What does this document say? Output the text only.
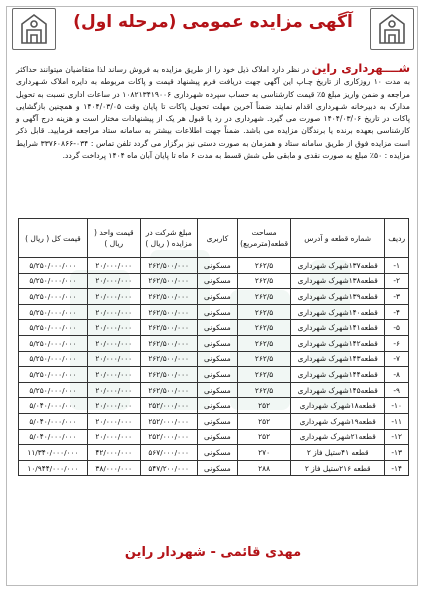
آگهی مزایده عمومی (مرحله اول)
شــــهرداری راین در نظر دارد املاک ذیل خود را از طریق مزایده به فروش رساند لذا متقاضیان میتوانند حداکثر به مدت ۱۰ روزکاری از تاریخ چـاپ این آگهی جهت دریافت فرم پیشنهاد قیمت و پاکات مربوطه به دایره املاک شـهرداری مراجعه و ضمن واریز مبلغ ۵٪ قیمت کارشناسی به حساب سپرده شهرداری ۱۰۸۲۱۳۴۱۹۰۰۶ در ساعات اداری نسبت به تحویل مدارک به دبیرخانه شـهرداری اقدام نمایند ضمناً آخرین مهلت تحویل پاکات تا پایان وقت ۱۴۰۴/۰۳/۰۵ و همچنین بازگشایی پاکات در تاریخ ۱۴۰۴/۰۳/۰۶ صورت می گیرد. شهرداری در رد یا قبول هر یک از پیشنهادات مختار است و هزینه درج آگهی و کارشناسی بعهده برنده یا برندگان مزایده می باشد. ضمناً جهت اطلاعات بیشتر به سامانه ستاد مراجعه فرمایید. قابل ذکر است مزایده فوق از طریق سامانه ستاد و همزمان به صورت دستی نیز برگزار می گردد تلفن تماس : ۰۳۴-۳۳۷۶۰۸۶۶ شرایط مزایده : ۵۰٪ مبلغ به صورت نقدی و مابقی طی شش قسط به مدت ۶ ماه تا پایان آبان ماه ۱۴۰۴ پرداخت گردد.
ردیف	شماره قطعه و آدرس	مساحت قطعه(مترمربع)	کاربری	مبلغ شرکت در مزایده ( ریال )	قیمت واحد ( ریال )	قیمت کل ( ریال )
۱-	قطعه۱۳۷شهرک شهرداری	۲۶۲/۵	مسکونی	۲۶۲/۵۰۰/۰۰۰	۲۰/۰۰۰/۰۰۰	۵/۲۵۰/۰۰۰/۰۰۰
۲-	قطعه۱۳۸شهرک شهرداری	۲۶۲/۵	مسکونی	۲۶۲/۵۰۰/۰۰۰	۲۰/۰۰۰/۰۰۰	۵/۲۵۰/۰۰۰/۰۰۰
۳-	قطعه۱۳۹شهرک شهرداری	۲۶۲/۵	مسکونی	۲۶۲/۵۰۰/۰۰۰	۲۰/۰۰۰/۰۰۰	۵/۲۵۰/۰۰۰/۰۰۰
۴-	قطعه۱۴۰شهرک شهرداری	۲۶۲/۵	مسکونی	۲۶۲/۵۰۰/۰۰۰	۲۰/۰۰۰/۰۰۰	۵/۲۵۰/۰۰۰/۰۰۰
۵-	قطعه۱۴۱شهرک شهرداری	۲۶۲/۵	مسکونی	۲۶۲/۵۰۰/۰۰۰	۲۰/۰۰۰/۰۰۰	۵/۲۵۰/۰۰۰/۰۰۰
۶-	قطعه۱۴۲شهرک شهرداری	۲۶۲/۵	مسکونی	۲۶۲/۵۰۰/۰۰۰	۲۰/۰۰۰/۰۰۰	۵/۲۵۰/۰۰۰/۰۰۰
۷-	قطعه۱۴۳شهرک شهرداری	۲۶۲/۵	مسکونی	۲۶۲/۵۰۰/۰۰۰	۲۰/۰۰۰/۰۰۰	۵/۲۵۰/۰۰۰/۰۰۰
۸-	قطعه۱۴۴شهرک شهرداری	۲۶۲/۵	مسکونی	۲۶۲/۵۰۰/۰۰۰	۲۰/۰۰۰/۰۰۰	۵/۲۵۰/۰۰۰/۰۰۰
۹-	قطعه۱۴۵شهرک شهرداری	۲۶۲/۵	مسکونی	۲۶۲/۵۰۰/۰۰۰	۲۰/۰۰۰/۰۰۰	۵/۲۵۰/۰۰۰/۰۰۰
۱۰-	قطعه۱۸شهرک شهرداری	۲۵۲	مسکونی	۲۵۲/۰۰۰/۰۰۰	۲۰/۰۰۰/۰۰۰	۵/۰۴۰/۰۰۰/۰۰۰
۱۱-	قطعه۱۹شهرک شهرداری	۲۵۲	مسکونی	۲۵۲/۰۰۰/۰۰۰	۲۰/۰۰۰/۰۰۰	۵/۰۴۰/۰۰۰/۰۰۰
۱۲-	قطعه۲۱شهرک شهرداری	۲۵۲	مسکونی	۲۵۲/۰۰۰/۰۰۰	۲۰/۰۰۰/۰۰۰	۵/۰۴۰/۰۰۰/۰۰۰
۱۳-	قطعه ۴۱ستیل فاز ۲	۲۷۰	مسکونی	۵۶۷/۰۰۰/۰۰۰	۴۲/۰۰۰/۰۰۰	۱۱/۳۴۰/۰۰۰/۰۰۰
۱۴-	قطعه ۲۱۶ستیل فاز ۲	۲۸۸	مسکونی	۵۴۷/۲۰۰/۰۰۰	۳۸/۰۰۰/۰۰۰	۱۰/۹۴۴/۰۰۰/۰۰۰
مهدی قائمی - شهردار راین
